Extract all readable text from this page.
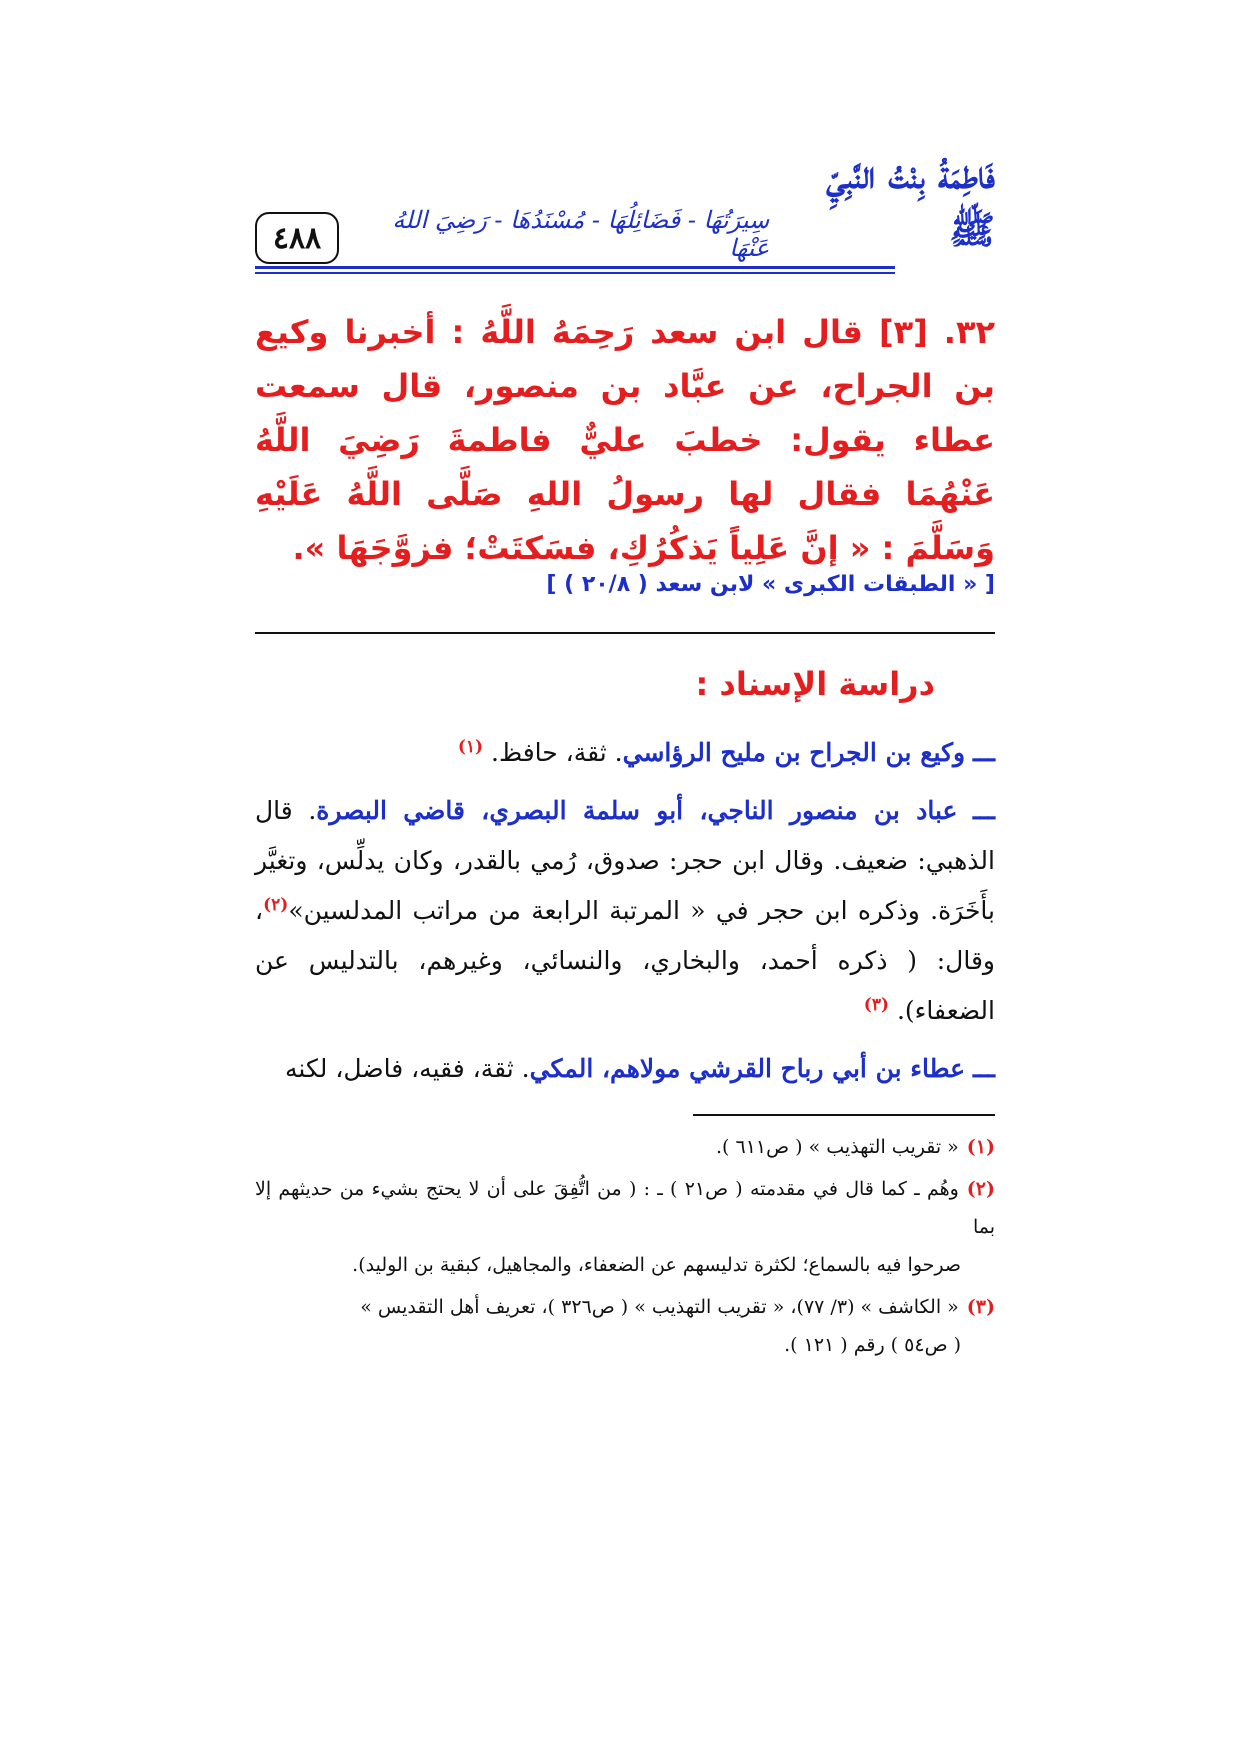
٤٨٨
فَاطِمَةُ بِنْتُ النَّبِيِّ ﷺ
سِيرَتُهَا - فَضَائِلُهَا - مُسْنَدُهَا - رَضِيَ اللهُ عَنْهَا
٣٢. [٣] قال ابن سعد رَحِمَهُ اللَّهُ : أخبرنا وكيع بن الجراح، عن عبَّاد بن منصور، قال سمعت عطاء يقول: خطبَ عليٌّ فاطمةَ رَضِيَ اللَّهُ عَنْهُمَا فقال لها رسولُ اللهِ صَلَّى اللَّهُ عَلَيْهِ وَسَلَّمَ : « إنَّ عَلِياً يَذكُرُكِ، فسَكتَتْ؛ فزوَّجَهَا ».
[ « الطبقات الكبرى » لابن سعد ( ٢٠/٨ ) ]
دراسة الإسناد :

ـــ وكيع بن الجراح بن مليح الرؤاسي. ثقة، حافظ. $^{(١)}$

ـــ عباد بن منصور الناجي، أبو سلمة البصري، قاضي البصرة. قال الذهبي: ضعيف. وقال ابن حجر: صدوق، رُمي بالقدر، وكان يدلِّس، وتغيَّر بأَخَرَة. وذكره ابن حجر في « المرتبة الرابعة من مراتب المدلسين»$^{(٢)}$، وقال: ( ذكره أحمد، والبخاري، والنسائي، وغيرهم، بالتدليس عن الضعفاء). $^{(٣)}$

ـــ عطاء بن أبي رباح القرشي مولاهم، المكي. ثقة، فقيه، فاضل، لكنه

(١)« تقريب التهذيب » ( ص٦١١ ).
(٢)وهُم ـ كما قال في مقدمته ( ص٢١ ) ـ : ( من اتُّفِقَ على أن لا يحتج بشيء من حديثهم إلا بما
صرحوا فيه بالسماع؛ لكثرة تدليسهم عن الضعفاء، والمجاهيل، كبقية بن الوليد).
(٣)« الكاشف » (٣/ ٧٧)، « تقريب التهذيب » ( ص٣٢٦ )، تعريف أهل التقديس »
( ص٥٤ ) رقم ( ١٢١ ).
